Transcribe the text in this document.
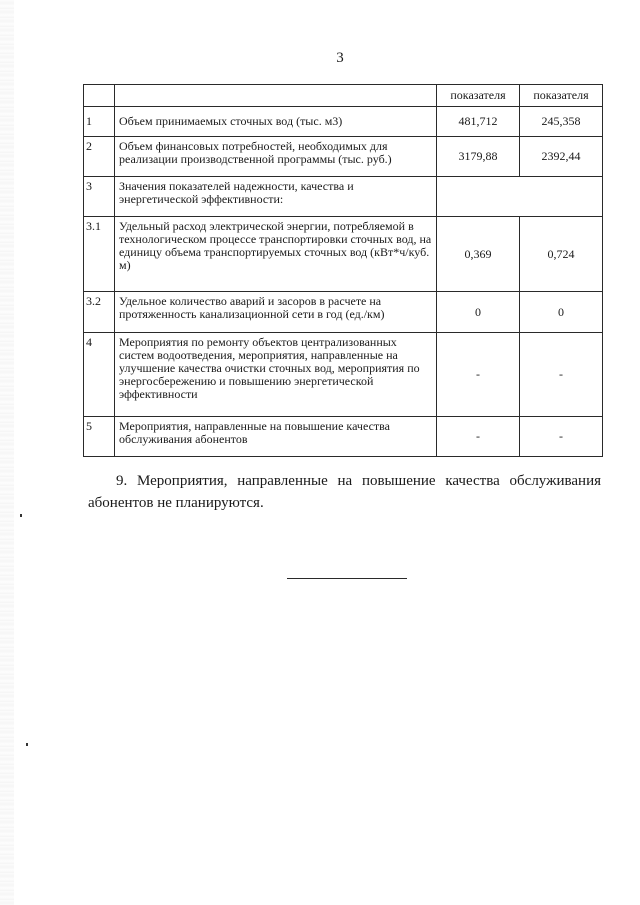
3
		показателя	показателя
1	Объем принимаемых сточных вод (тыс. м3)	481,712	245,358
2	Объем финансовых потребностей, необходимых для реализации производственной программы (тыс. руб.)	3179,88	2392,44
3	Значения показателей надежности, качества и энергетической эффективности:		
3.1	Удельный расход электрической энергии, потребляемой в технологическом процессе транспортировки сточных вод, на единицу объема транспортируемых сточных вод (кВт*ч/куб. м)	0,369	0,724
3.2	Удельное количество аварий и засоров в расчете на протяженность канализационной сети в год (ед./км)	0	0
4	Мероприятия по ремонту объектов централизованных систем водоотведения, мероприятия, направленные на улучшение качества очистки сточных вод, мероприятия по энергосбережению и повышению энергетической эффективности	-	-
5	Мероприятия, направленные на повышение качества обслуживания абонентов	-	-
9. Мероприятия, направленные на повышение качества обслуживания абонентов не планируются.
